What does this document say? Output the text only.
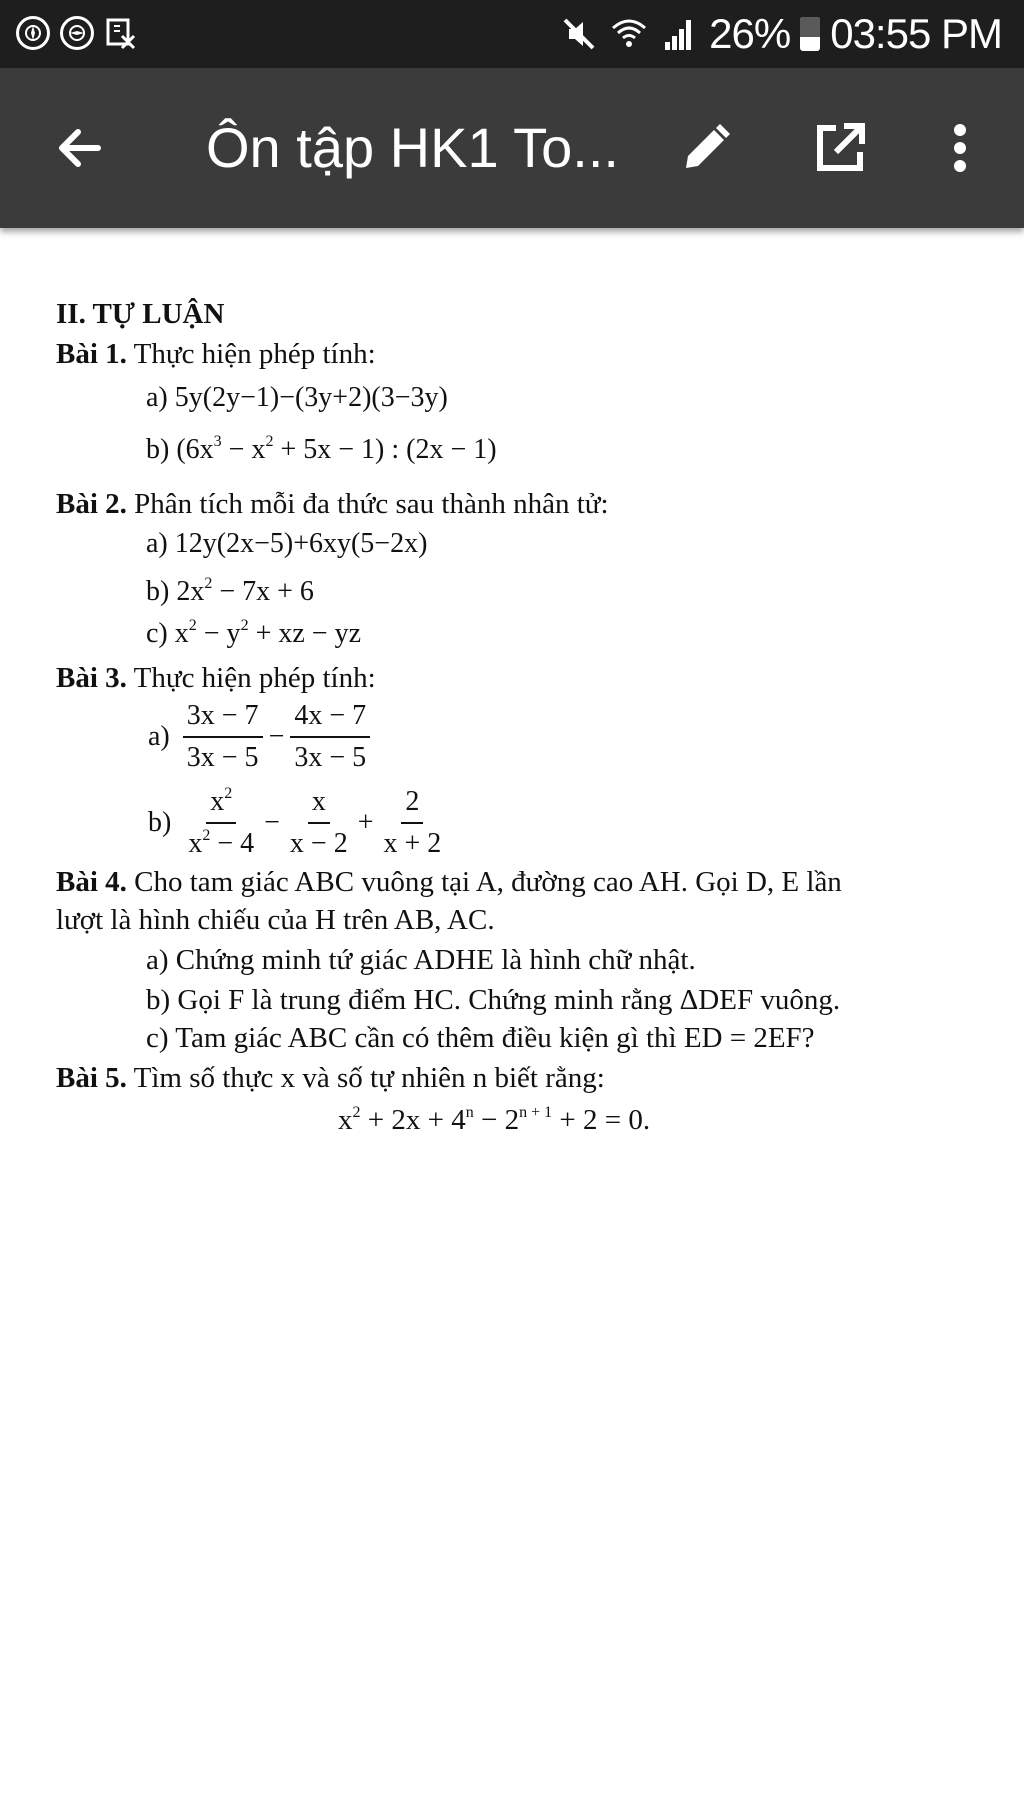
26% 03:55 PM
Ôn tập HK1 To...
II. TỰ LUẬN
Bài 1. Thực hiện phép tính:
a) 5y(2y−1)−(3y+2)(3−3y)
b) $(6x^3 - x^2 + 5x - 1)$ : (2x − 1)
Bài 2. Phân tích mỗi đa thức sau thành nhân tử:
a) 12y(2x−5)+6xy(5−2x)
b) $2x^2 - 7x + 6$
c) $x^2 - y^2$ + xz − yz
Bài 3. Thực hiện phép tính:
$a) \frac{3x - 7}{3x - 5} - \frac{4x - 7}{3x - 5}$
$b) \frac{x^2}{x^2 - 4} - \frac{x}{x - 2} + \frac{2}{x + 2}$
Bài 4. Cho tam giác ABC vuông tại A, đường cao AH. Gọi D, E lần
lượt là hình chiếu của H trên AB, AC.
a) Chứng minh tứ giác ADHE là hình chữ nhật.
b) Gọi F là trung điểm HC. Chứng minh rằng ΔDEF vuông.
c) Tam giác ABC cần có thêm điều kiện gì thì ED = 2EF?
Bài 5. Tìm số thực x và số tự nhiên n biết rằng:
$x^2 + 2x + 4^n - 2^{n + 1} + 2 = 0$.
